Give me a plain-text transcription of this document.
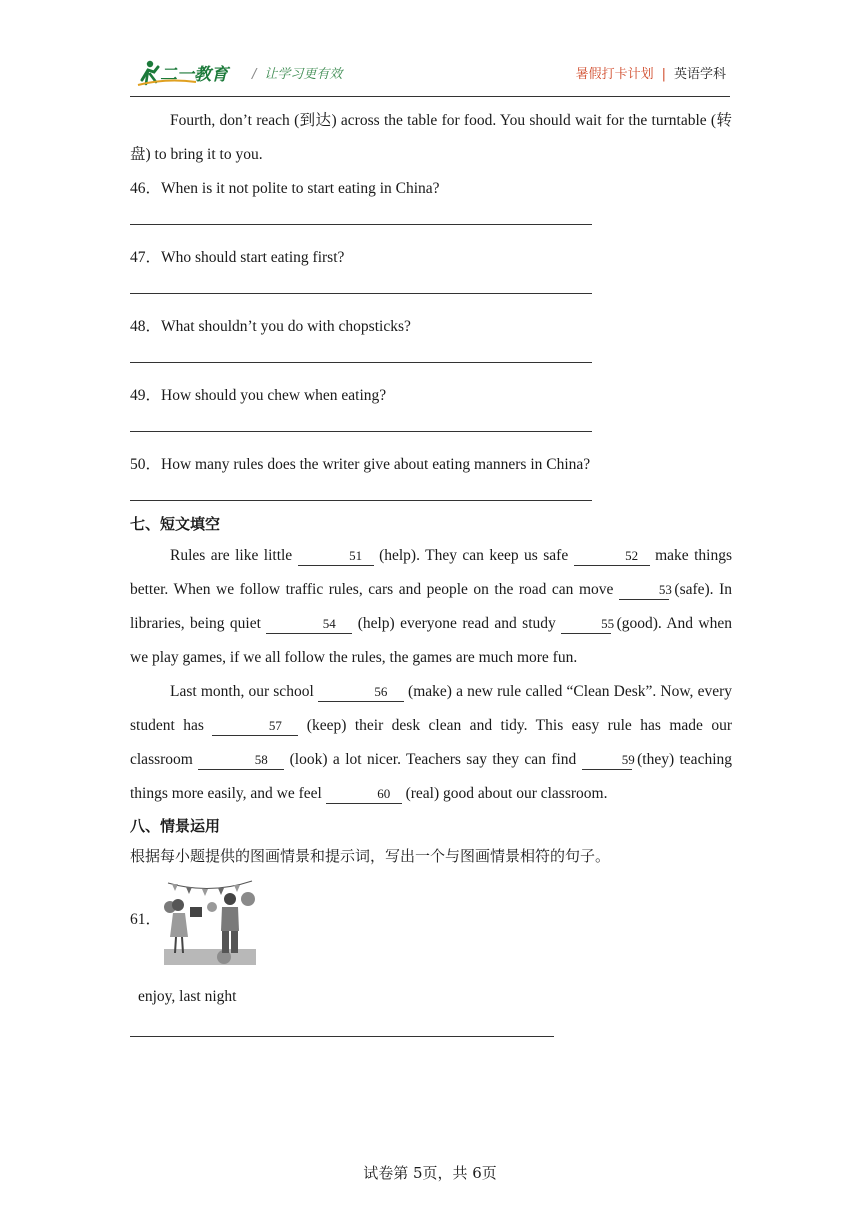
二一教育 / 让学习更有效	暑假打卡计划 | 英语学科

Fourth, don’t reach (到达) across the table for food. You should wait for the turntable (转盘) to bring it to you.

46．When is it not polite to start eating in China?

47．Who should start eating first?

48．What shouldn’t you do with chopsticks?

49．How should you chew when eating?

50．How many rules does the writer give about eating manners in China?

七、短文填空

Rules are like little	51 (help). They can keep us safe	52 make things better. When we follow traffic rules, cars and people on the road can move	53 (safe). In libraries, being quiet	54 (help) everyone read and study	55 (good). And when we play games, if we all follow the rules, the games are much more fun.

Last month, our school	56 (make) a new rule called “Clean Desk”. Now, every student has	57 (keep) their desk clean and tidy. This easy rule has made our classroom	58 (look) a lot nicer. Teachers say they can find	59 (they) teaching things more easily, and we feel	60 (real) good about our classroom.

八、情景运用

根据每小题提供的图画情景和提示词，写出一个与图画情景相符的句子。

61．

enjoy, last night

试卷第 5页，共 6页
